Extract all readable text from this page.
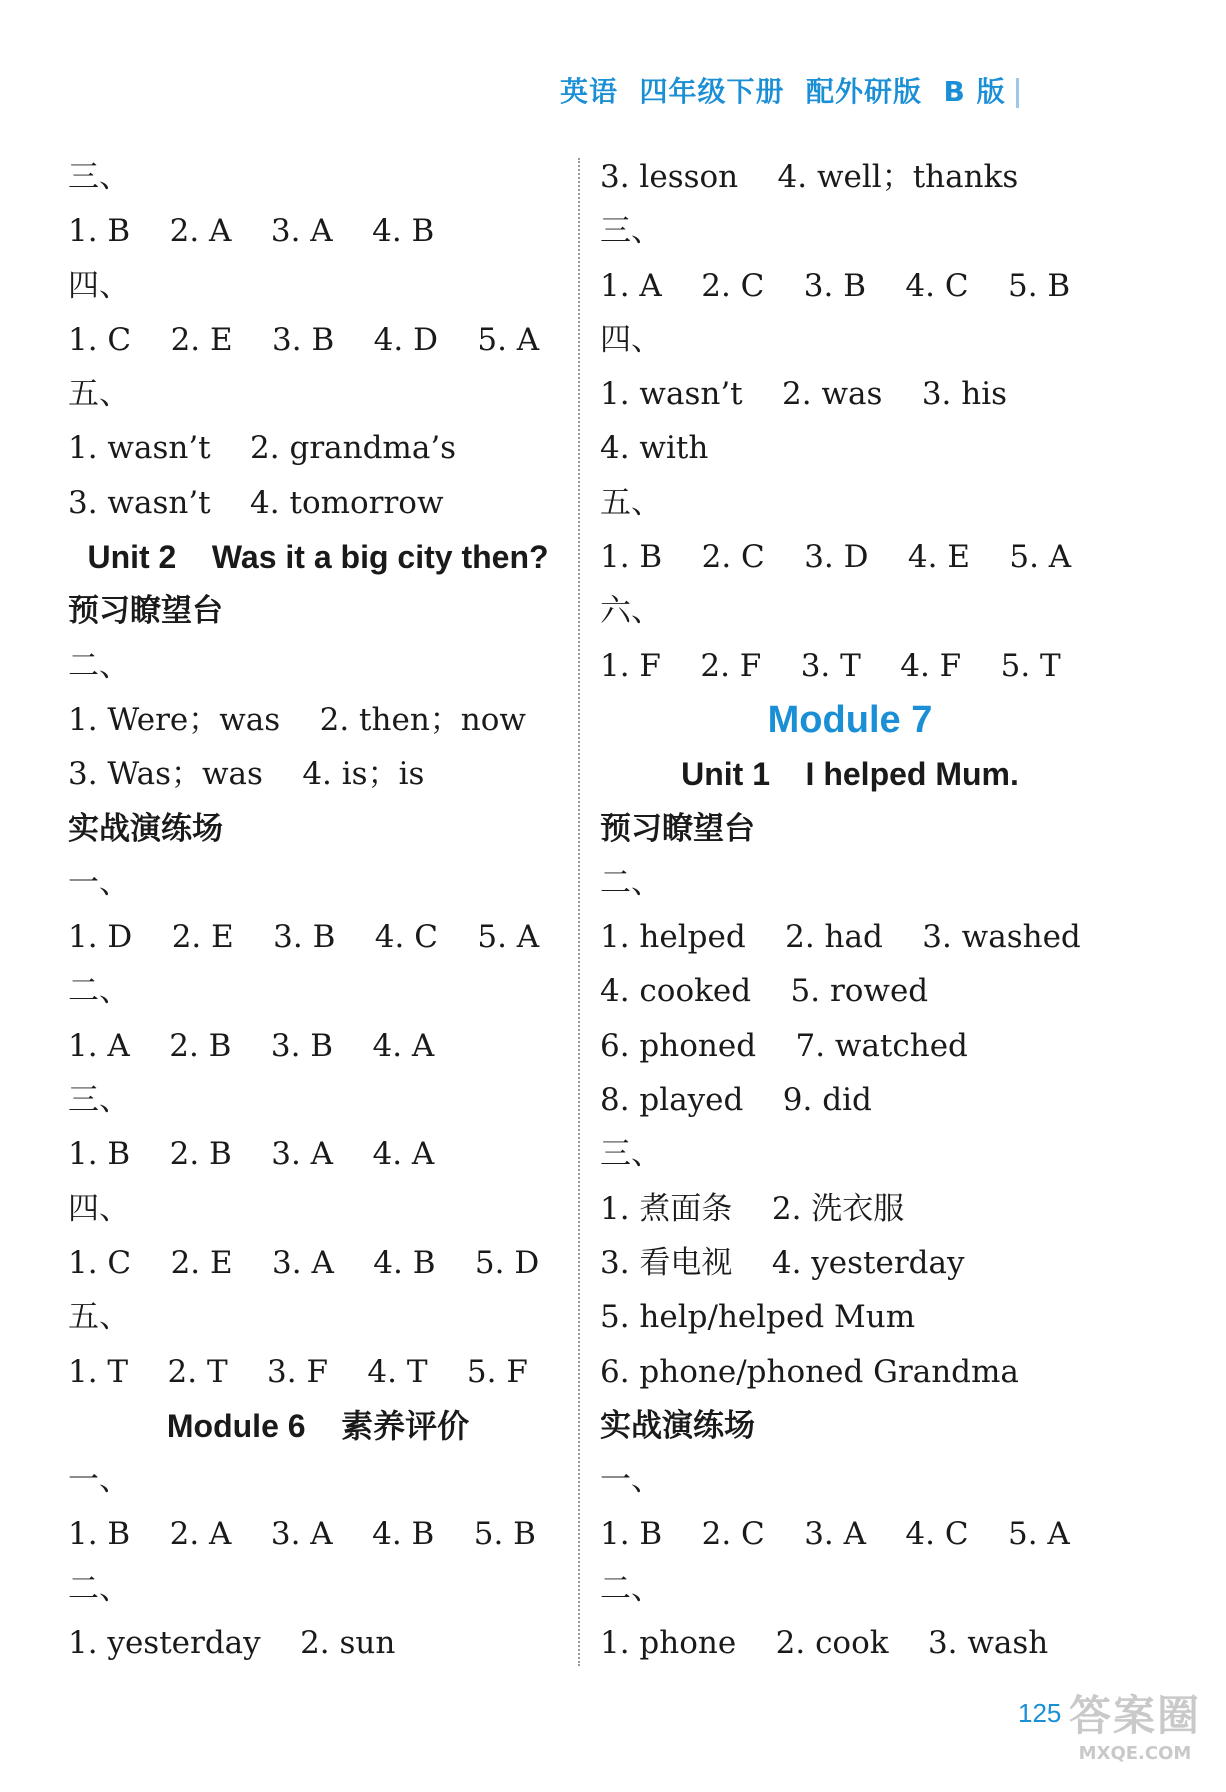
英语  四年级下册  配外研版  B 版
三、
1. B    2. A    3. A    4. B
四、
1. C    2. E    3. B    4. D    5. A
五、
1. wasn’t    2. grandma’s
3. wasn’t    4. tomorrow
Unit 2    Was it a big city then?
预习瞭望台
二、
1. Were；was    2. then；now
3. Was；was    4. is；is
实战演练场
一、
1. D    2. E    3. B    4. C    5. A
二、
1. A    2. B    3. B    4. A
三、
1. B    2. B    3. A    4. A
四、
1. C    2. E    3. A    4. B    5. D
五、
1. T    2. T    3. F    4. T    5. F
Module 6    素养评价
一、
1. B    2. A    3. A    4. B    5. B
二、
1. yesterday    2. sun
3. lesson    4. well；thanks
三、
1. A    2. C    3. B    4. C    5. B
四、
1. wasn’t    2. was    3. his
4. with
五、
1. B    2. C    3. D    4. E    5. A
六、
1. F    2. F    3. T    4. F    5. T
Module 7
Unit 1    I helped Mum.
预习瞭望台
二、
1. helped    2. had    3. washed
4. cooked    5. rowed
6. phoned    7. watched
8. played    9. did
三、
1. 煮面条    2. 洗衣服
3. 看电视    4. yesterday
5. help/helped Mum
6. phone/phoned Grandma
实战演练场
一、
1. B    2. C    3. A    4. C    5. A
二、
1. phone    2. cook    3. wash
125 答案圈
MXQE.COM
